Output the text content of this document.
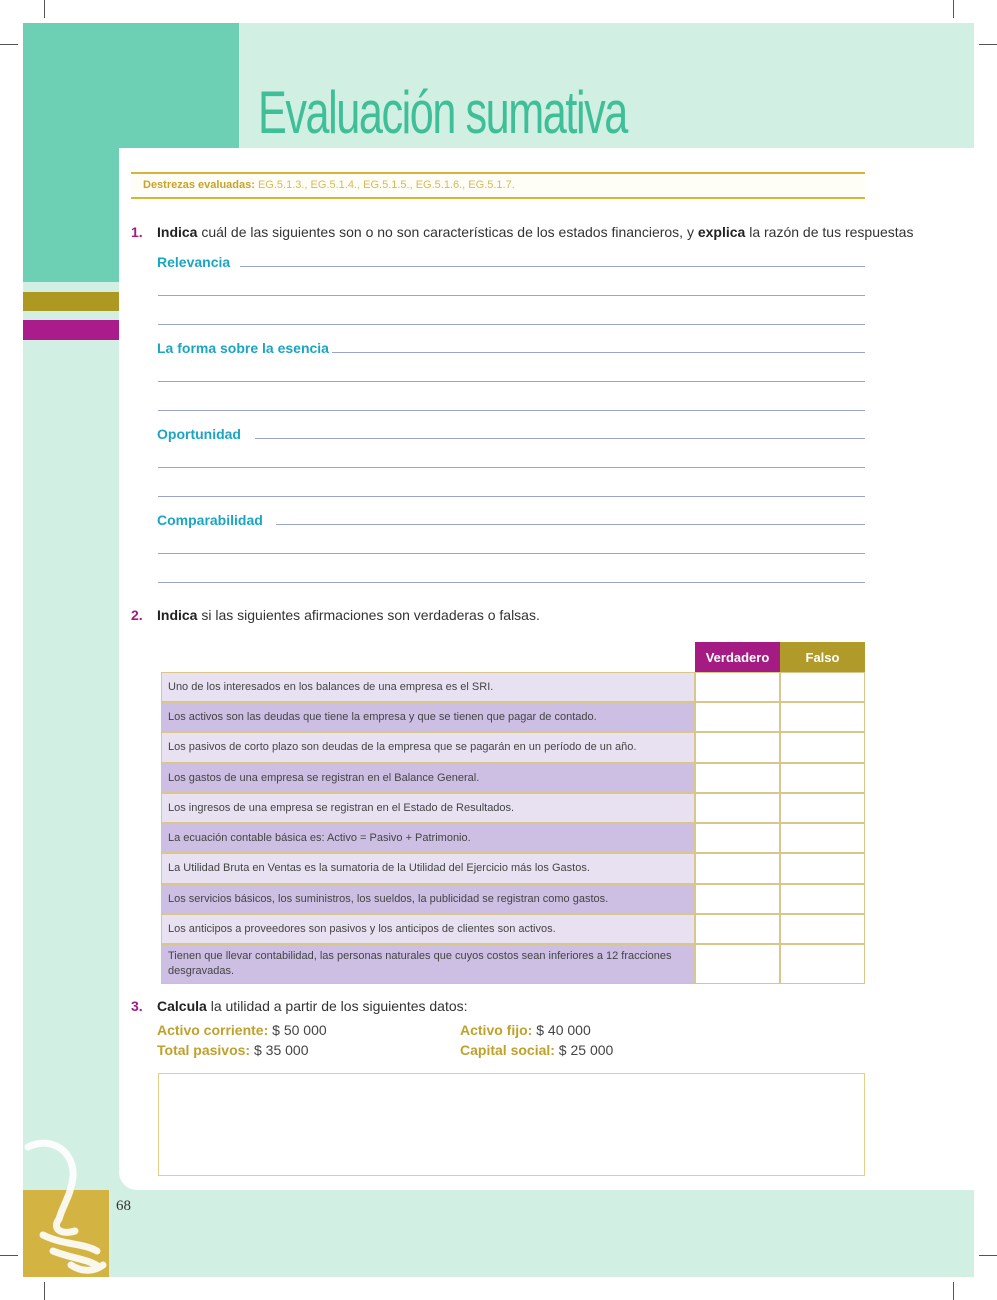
Evaluación sumativa
Destrezas evaluadas: EG.5.1.3., EG.5.1.4., EG.5.1.5., EG.5.1.6., EG.5.1.7.
1. Indica cuál de las siguientes son o no son características de los estados financieros, y explica la razón de tus respuestas
Relevancia
La forma sobre la esencia
Oportunidad
Comparabilidad
2. Indica si las siguientes afirmaciones son verdaderas o falsas.
Verdadero	Falso
Uno de los interesados en los balances de una empresa es el SRI.
Los activos son las deudas que tiene la empresa y que se tienen que pagar de contado.
Los pasivos de corto plazo son deudas de la empresa que se pagarán en un período de un año.
Los gastos de una empresa se registran en el Balance General.
Los ingresos de una empresa se registran en el Estado de Resultados.
La ecuación contable básica es: Activo = Pasivo + Patrimonio.
La Utilidad Bruta en Ventas es la sumatoria de la Utilidad del Ejercicio más los Gastos.
Los servicios básicos, los suministros, los sueldos, la publicidad se registran como gastos.
Los anticipos a proveedores son pasivos y los anticipos de clientes son activos.
Tienen que llevar contabilidad, las personas naturales que cuyos costos sean inferiores a 12 fracciones desgravadas.
3. Calcula la utilidad a partir de los siguientes datos:
Activo corriente: $ 50 000	Activo fijo: $ 40 000
Total pasivos: $ 35 000	Capital social: $ 25 000
68
